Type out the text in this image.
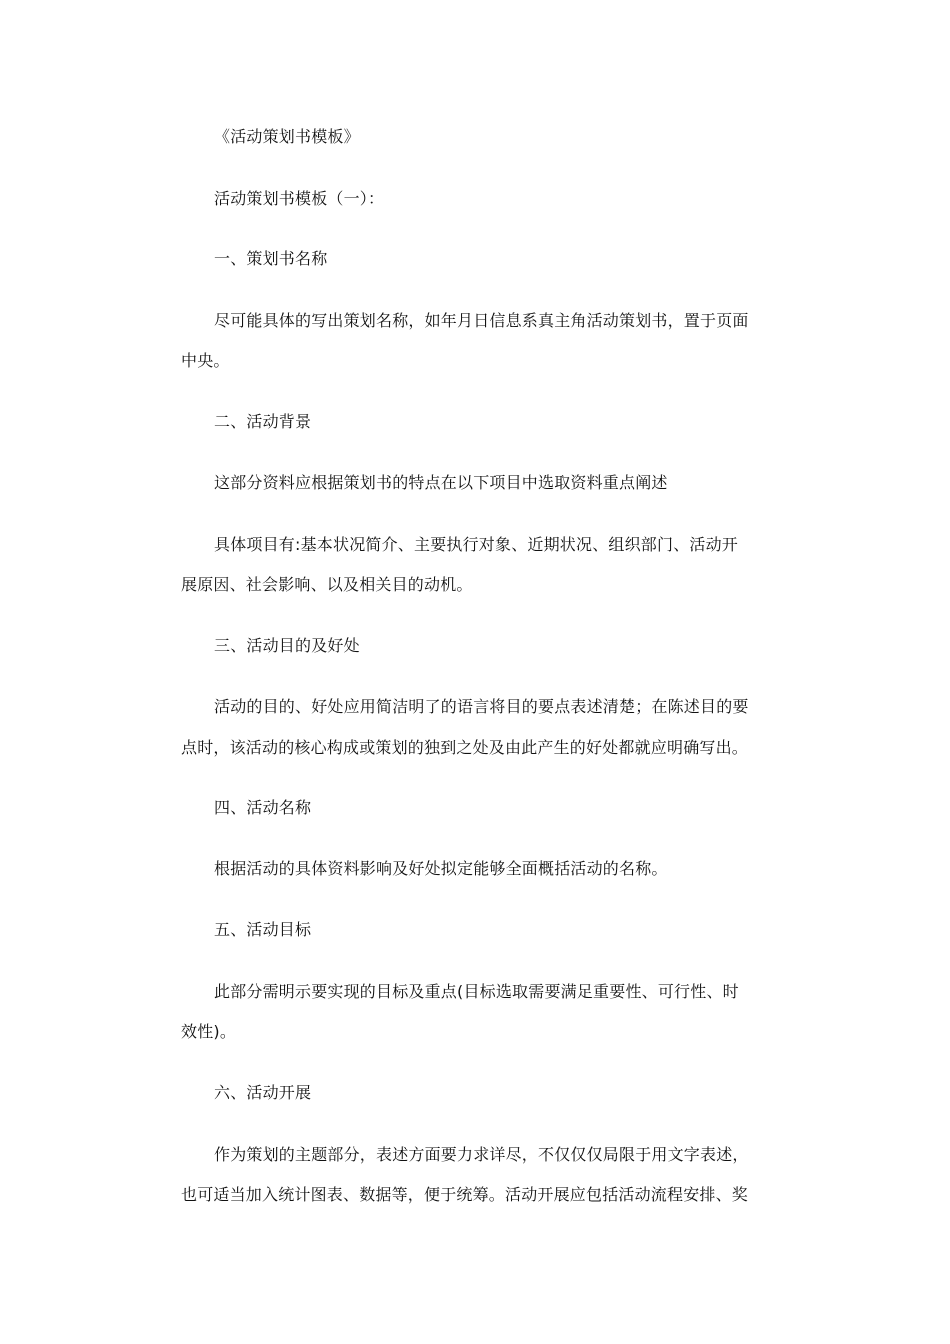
《活动策划书模板》
活动策划书模板（一）：
一、策划书名称
尽可能具体的写出策划名称，如年月日信息系真主角活动策划书，置于页面
中央。
二、活动背景
这部分资料应根据策划书的特点在以下项目中选取资料重点阐述
具体项目有:基本状况简介、主要执行对象、近期状况、组织部门、活动开
展原因、社会影响、以及相关目的动机。
三、活动目的及好处
活动的目的、好处应用简洁明了的语言将目的要点表述清楚；在陈述目的要
点时，该活动的核心构成或策划的独到之处及由此产生的好处都就应明确写出。
四、活动名称
根据活动的具体资料影响及好处拟定能够全面概括活动的名称。
五、活动目标
此部分需明示要实现的目标及重点(目标选取需要满足重要性、可行性、时
效性)。
六、活动开展
作为策划的主题部分，表述方面要力求详尽，不仅仅仅局限于用文字表述，
也可适当加入统计图表、数据等，便于统筹。活动开展应包括活动流程安排、奖
